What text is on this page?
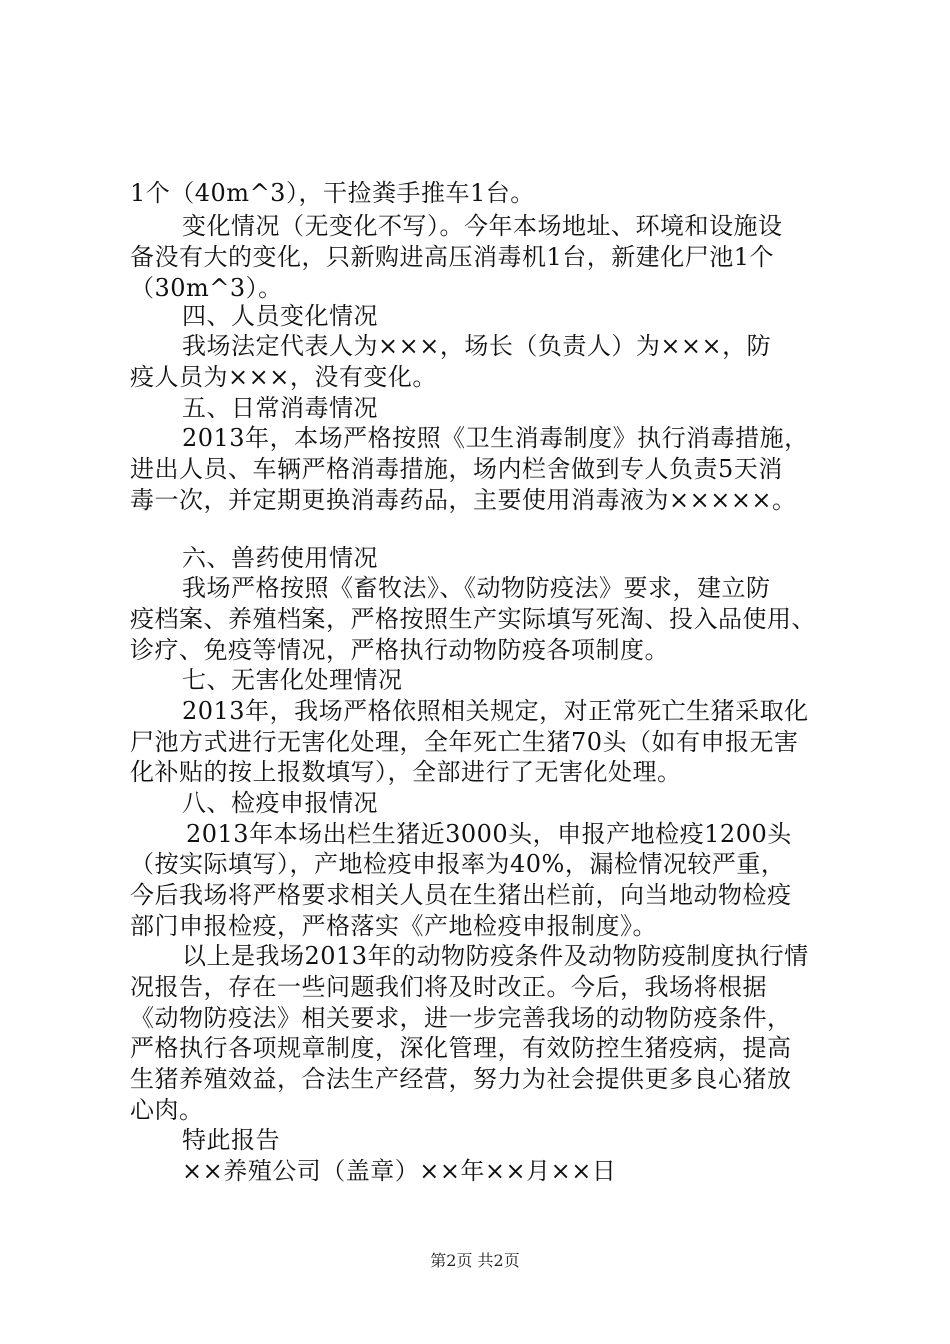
1个（40m^3），干捡粪手推车1台。
变化情况（无变化不写）。今年本场地址、环境和设施设
备没有大的变化，只新购进高压消毒机1台，新建化尸池1个
（30m^3）。
四、人员变化情况
我场法定代表人为×××，场长（负责人）为×××，防
疫人员为×××，没有变化。
五、日常消毒情况
2013年，本场严格按照《卫生消毒制度》执行消毒措施，
进出人员、车辆严格消毒措施，场内栏舍做到专人负责5天消
毒一次，并定期更换消毒药品，主要使用消毒液为×××××。
六、兽药使用情况
我场严格按照《畜牧法》、《动物防疫法》要求，建立防
疫档案、养殖档案，严格按照生产实际填写死淘、投入品使用、
诊疗、免疫等情况，严格执行动物防疫各项制度。
七、无害化处理情况
2013年，我场严格依照相关规定，对正常死亡生猪采取化
尸池方式进行无害化处理，全年死亡生猪70头（如有申报无害
化补贴的按上报数填写），全部进行了无害化处理。
八、检疫申报情况
2013年本场出栏生猪近3000头，申报产地检疫1200头
（按实际填写），产地检疫申报率为40%，漏检情况较严重，
今后我场将严格要求相关人员在生猪出栏前，向当地动物检疫
部门申报检疫，严格落实《产地检疫申报制度》。
以上是我场2013年的动物防疫条件及动物防疫制度执行情
况报告，存在一些问题我们将及时改正。今后，我场将根据
《动物防疫法》相关要求，进一步完善我场的动物防疫条件，
严格执行各项规章制度，深化管理，有效防控生猪疫病，提高
生猪养殖效益，合法生产经营，努力为社会提供更多良心猪放
心肉。
特此报告
××养殖公司（盖章）××年××月××日
第2页 共2页
